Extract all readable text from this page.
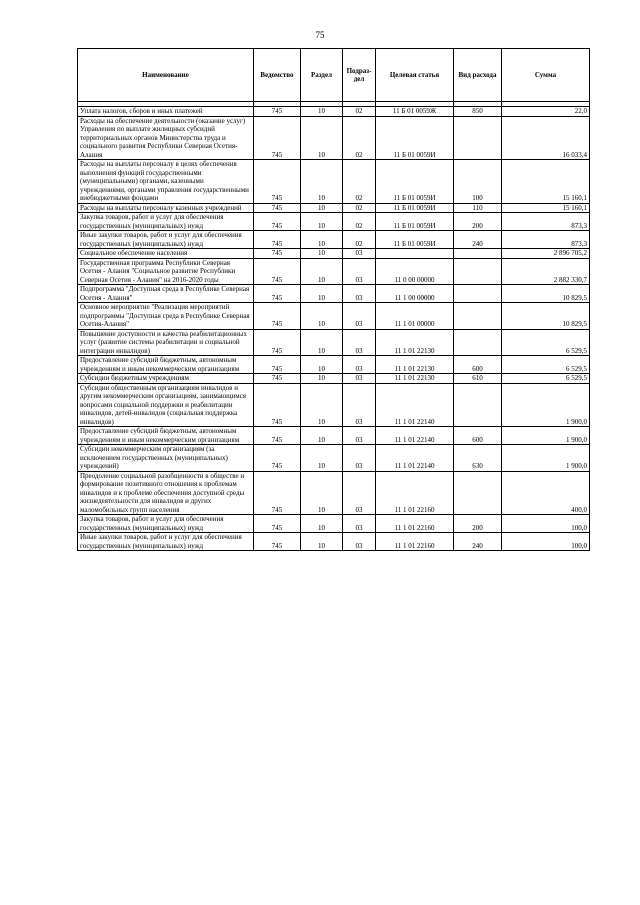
75
Наименование	Ведомство	Раздел	Подраз-дел	Целевая статья	Вид расхода	Сумма

Уплата налогов, сборов и иных платежей	745	10	02	11 Б 01 0059Ж	850	22,0
Расходы на обеспечение деятельности (оказание услуг) Управления по выплате жилищных субсидий территориальных органов Министерства труда и социального развития Республики Северная Осетия-Алания	745	10	02	11 Б 01 0059И		16 033,4
Расходы на выплаты персоналу в целях обеспечения выполнения функций государственными (муниципальными) органами, казенными учреждениями, органами управления государственными внебюджетными фондами	745	10	02	11 Б 01 0059И	100	15 160,1
Расходы на выплаты персоналу казенных учреждений	745	10	02	11 Б 01 0059И	110	15 160,1
Закупка товаров, работ и услуг для обеспечения государственных (муниципальных) нужд	745	10	02	11 Б 01 0059И	200	873,3
Иные закупки товаров, работ и услуг для обеспечения государственных (муниципальных) нужд	745	10	02	11 Б 01 0059И	240	873,3
Социальное обеспечение населения	745	10	03			2 896 705,2
Государственная программа Республики Северная Осетия - Алания "Социальное развитие Республики Северная Осетия - Алания" на 2016-2020 годы	745	10	03	11 0 00 00000		2 882 330,7
Подпрограмма "Доступная среда в Республике Северная Осетия - Алания"	745	10	03	11 1 00 00000		10 829,5
Основное мероприятие "Реализация мероприятий подпрограммы "Доступная среда в Республике Северная Осетия-Алания"	745	10	03	11 1 01 00000		10 829,5
Повышение доступности и качества реабилитационных услуг (развитие системы реабилитации и социальной интеграции инвалидов)	745	10	03	11 1 01 22130		6 529,5
Предоставление субсидий бюджетным, автономным учреждениям и иным некоммерческим организациям	745	10	03	11 1 01 22130	600	6 529,5
Субсидии бюджетным учреждениям	745	10	03	11 1 01 22130	610	6 529,5
Субсидии общественным организациям инвалидов и другим некоммерческим организациям, занимающимся вопросами социальной поддержки и реабилитации инвалидов, детей-инвалидов (социальная поддержка инвалидов)	745	10	03	11 1 01 22140		1 900,0
Предоставление субсидий бюджетным, автономным учреждениям и иным некоммерческим организациям	745	10	03	11 1 01 22140	600	1 900,0
Субсидии некоммерческим организациям (за исключением государственных (муниципальных) учреждений)	745	10	03	11 1 01 22140	630	1 900,0
Преодоление социальной разобщенности в обществе и формирование позитивного отношения к проблемам инвалидов и к проблеме обеспечения доступной среды жизнедеятельности для инвалидов и других маломобильных групп населения	745	10	03	11 1 01 22160		400,0
Закупка товаров, работ и услуг для обеспечения государственных (муниципальных) нужд	745	10	03	11 1 01 22160	200	100,0
Иные закупки товаров, работ и услуг для обеспечения государственных (муниципальных) нужд	745	10	03	11 1 01 22160	240	100,0
